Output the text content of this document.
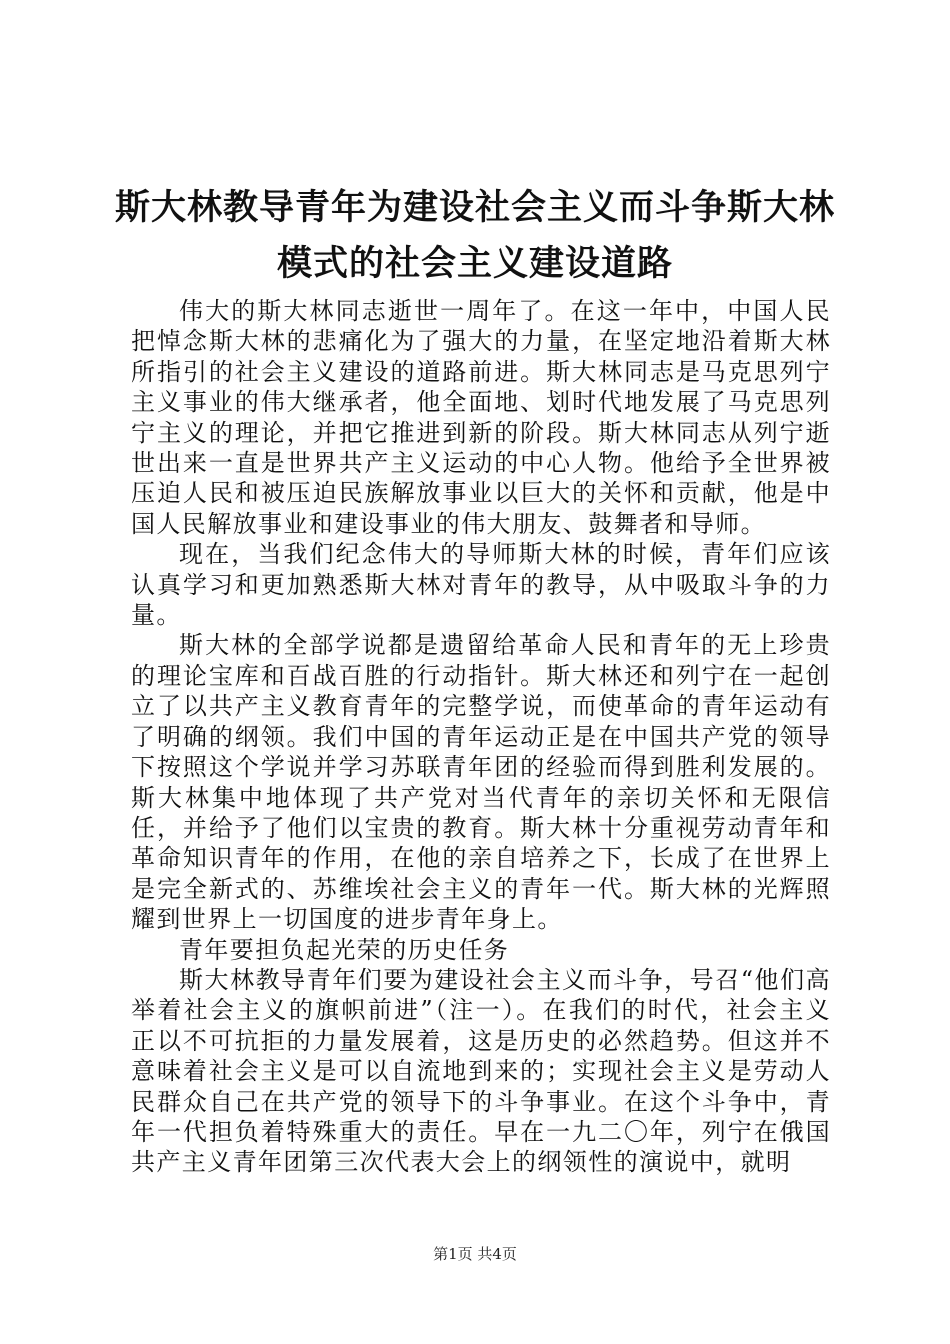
斯大林教导青年为建设社会主义而斗争斯大林模式的社会主义建设道路

伟大的斯大林同志逝世一周年了。在这一年中，中国人民把悼念斯大林的悲痛化为了强大的力量，在坚定地沿着斯大林所指引的社会主义建设的道路前进。斯大林同志是马克思列宁主义事业的伟大继承者，他全面地、划时代地发展了马克思列宁主义的理论，并把它推进到新的阶段。斯大林同志从列宁逝世出来一直是世界共产主义运动的中心人物。他给予全世界被压迫人民和被压迫民族解放事业以巨大的关怀和贡献，他是中国人民解放事业和建设事业的伟大朋友、鼓舞者和导师。

现在，当我们纪念伟大的导师斯大林的时候，青年们应该认真学习和更加熟悉斯大林对青年的教导，从中吸取斗争的力量。

斯大林的全部学说都是遗留给革命人民和青年的无上珍贵的理论宝库和百战百胜的行动指针。斯大林还和列宁在一起创立了以共产主义教育青年的完整学说，而使革命的青年运动有了明确的纲领。我们中国的青年运动正是在中国共产党的领导下按照这个学说并学习苏联青年团的经验而得到胜利发展的。斯大林集中地体现了共产党对当代青年的亲切关怀和无限信任，并给予了他们以宝贵的教育。斯大林十分重视劳动青年和革命知识青年的作用，在他的亲自培养之下，长成了在世界上是完全新式的、苏维埃社会主义的青年一代。斯大林的光辉照耀到世界上一切国度的进步青年身上。

青年要担负起光荣的历史任务

斯大林教导青年们要为建设社会主义而斗争，号召“他们高举着社会主义的旗帜前进”（注一）。在我们的时代，社会主义正以不可抗拒的力量发展着，这是历史的必然趋势。但这并不意味着社会主义是可以自流地到来的；实现社会主义是劳动人民群众自己在共产党的领导下的斗争事业。在这个斗争中，青年一代担负着特殊重大的责任。早在一九二〇年，列宁在俄国共产主义青年团第三次代表大会上的纲领性的演说中，就明

第1页 共4页
